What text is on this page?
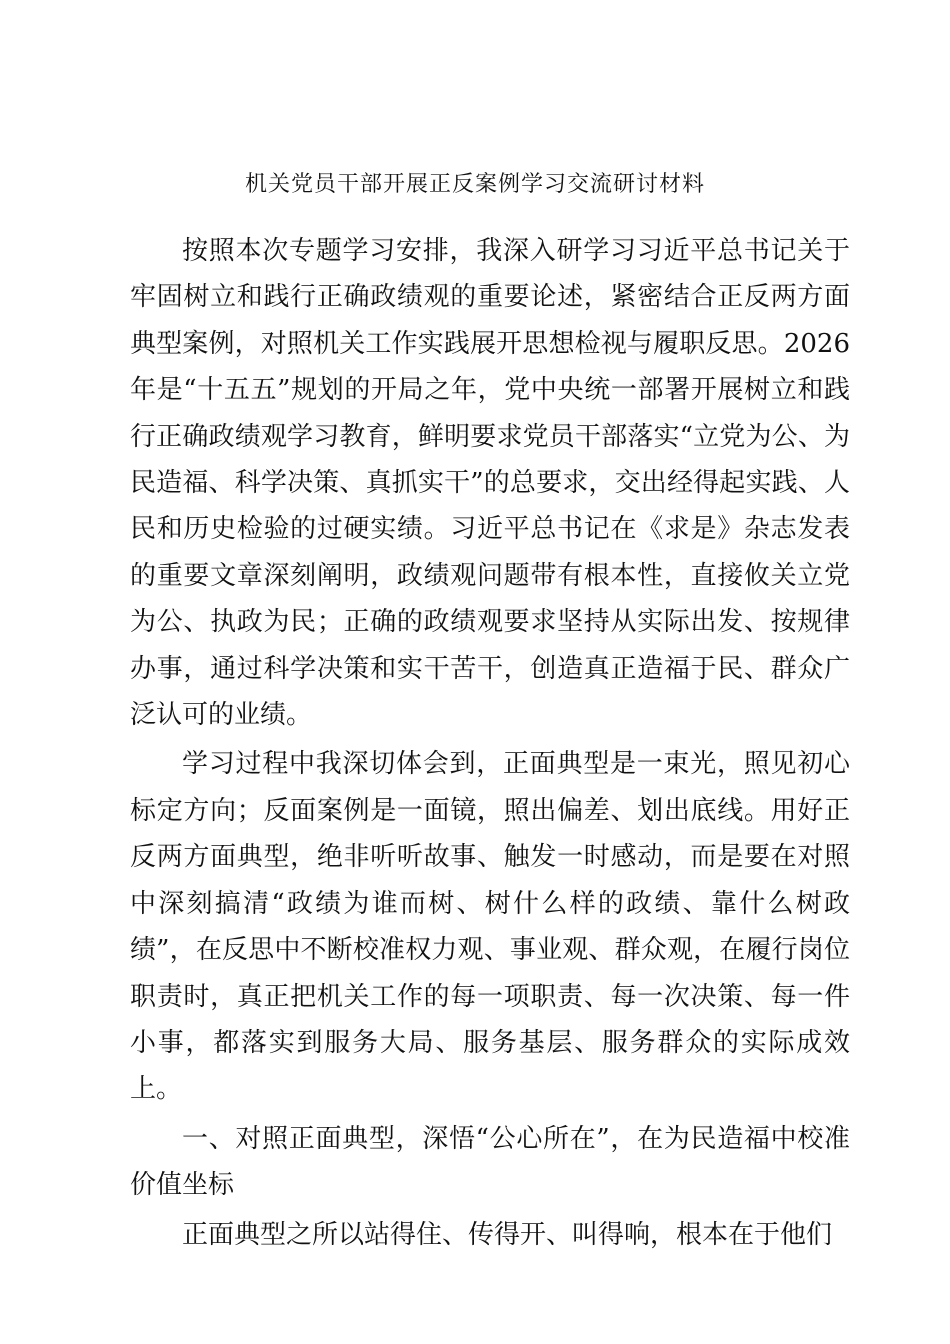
机关党员干部开展正反案例学习交流研讨材料

按照本次专题学习安排，我深入研学习习近平总书记关于牢固树立和践行正确政绩观的重要论述，紧密结合正反两方面典型案例，对照机关工作实践展开思想检视与履职反思。2026年是“十五五”规划的开局之年，党中央统一部署开展树立和践行正确政绩观学习教育，鲜明要求党员干部落实“立党为公、为民造福、科学决策、真抓实干”的总要求，交出经得起实践、人民和历史检验的过硬实绩。习近平总书记在《求是》杂志发表的重要文章深刻阐明，政绩观问题带有根本性，直接攸关立党为公、执政为民；正确的政绩观要求坚持从实际出发、按规律办事，通过科学决策和实干苦干，创造真正造福于民、群众广泛认可的业绩。

学习过程中我深切体会到，正面典型是一束光，照见初心标定方向；反面案例是一面镜，照出偏差、划出底线。用好正反两方面典型，绝非听听故事、触发一时感动，而是要在对照中深刻搞清“政绩为谁而树、树什么样的政绩、靠什么树政绩”，在反思中不断校准权力观、事业观、群众观，在履行岗位职责时，真正把机关工作的每一项职责、每一次决策、每一件小事，都落实到服务大局、服务基层、服务群众的实际成效上。

一、对照正面典型，深悟“公心所在”，在为民造福中校准价值坐标

正面典型之所以站得住、传得开、叫得响，根本在于他们
